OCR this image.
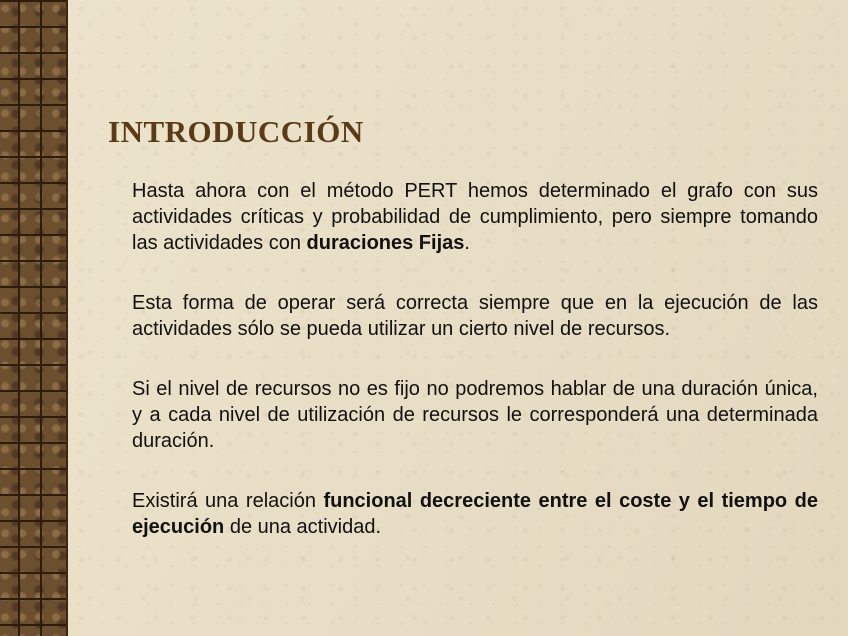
INTRODUCCIÓN

Hasta ahora con el método PERT hemos determinado el grafo con sus actividades críticas y probabilidad de cumplimiento, pero siempre tomando las actividades con duraciones Fijas.

Esta forma de operar será correcta siempre que en la ejecución de las actividades sólo se pueda utilizar un cierto nivel de recursos.

Si el nivel de recursos no es fijo no podremos hablar de una duración única, y a cada nivel de utilización de recursos le corresponderá una determinada duración.

Existirá una relación funcional decreciente entre el coste y el tiempo de ejecución de una actividad.
